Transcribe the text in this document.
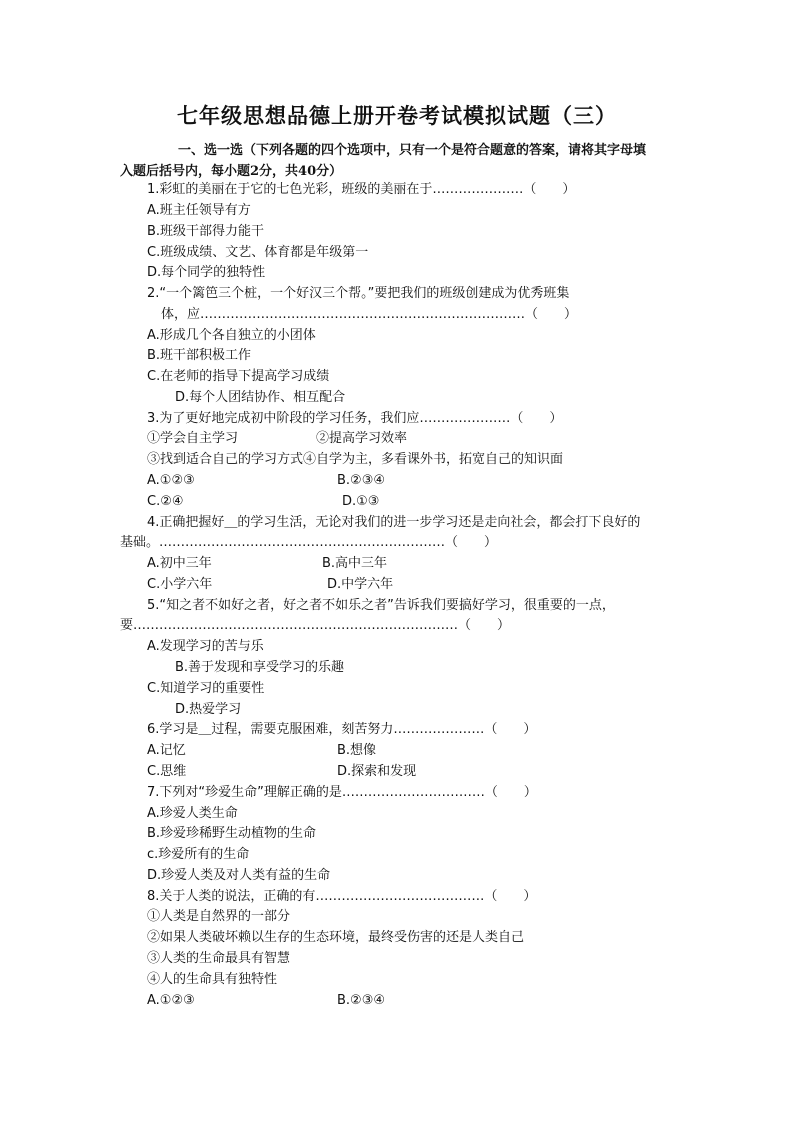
七年级思想品德上册开卷考试模拟试题（三）
一、选一选（下列各题的四个选项中，只有一个是符合题意的答案，请将其字母填
入题后括号内，每小题2分，共40分）
1.彩虹的美丽在于它的七色光彩，班级的美丽在于…………………（　　）
A.班主任领导有方
B.班级干部得力能干
C.班级成绩、文艺、体育都是年级第一
D.每个同学的独特性
2.“一个篱笆三个桩，一个好汉三个帮。”要把我们的班级创建成为优秀班集
体，应…………………………………………………………………（　　）
A.形成几个各自独立的小团体
B.班干部积极工作
C.在老师的指导下提高学习成绩
D.每个人团结协作、相互配合
3.为了更好地完成初中阶段的学习任务，我们应…………………（　　）
①学会自主学习	②提高学习效率
③找到适合自己的学习方式④自学为主，多看课外书，拓宽自己的知识面
A.①②③	B.②③④
C.②④	D.①③
4.正确把握好＿的学习生活，无论对我们的进一步学习还是走向社会，都会打下良好的
基础。…………………………………………………………（　　）
A.初中三年	B.高中三年
C.小学六年	D.中学六年
5.“知之者不如好之者，好之者不如乐之者”告诉我们要搞好学习，很重要的一点，
要…………………………………………………………………（　　）
A.发现学习的苦与乐
B.善于发现和享受学习的乐趣
C.知道学习的重要性
D.热爱学习
6.学习是＿过程，需要克服困难，刻苦努力…………………（　　）
A.记忆	B.想像
C.思维	D.探索和发现
7.下列对“珍爱生命”理解正确的是……………………………（　　）
A.珍爱人类生命
B.珍爱珍稀野生动植物的生命
c.珍爱所有的生命
D.珍爱人类及对人类有益的生命
8.关于人类的说法，正确的有…………………………………（　　）
①人类是自然界的一部分
②如果人类破坏赖以生存的生态环境，最终受伤害的还是人类自己
③人类的生命最具有智慧
④人的生命具有独特性
A.①②③	B.②③④
